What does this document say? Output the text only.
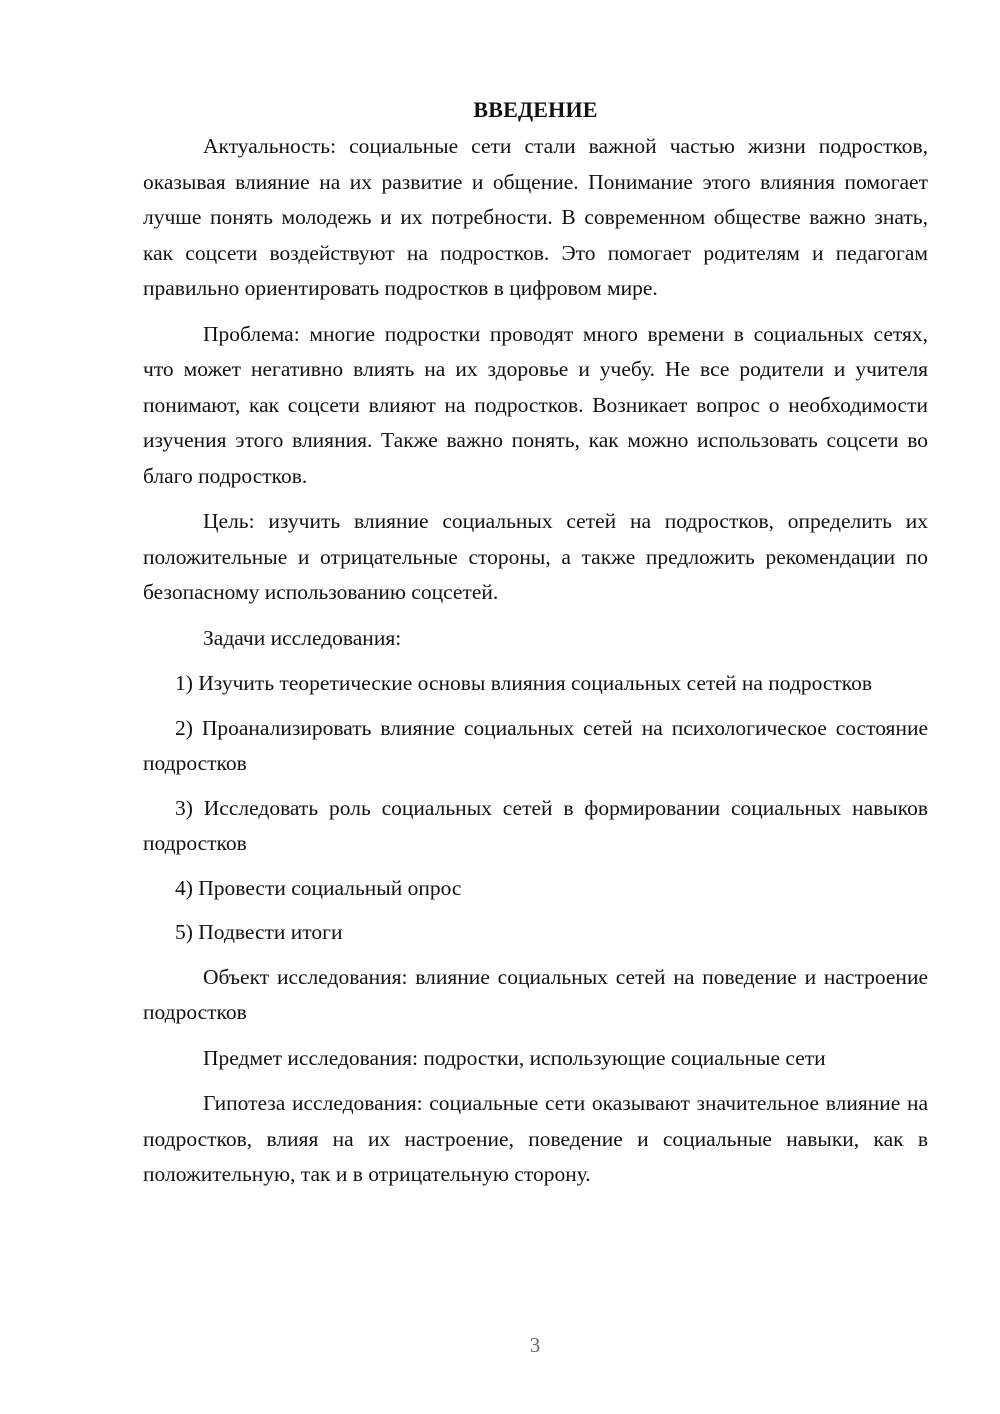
ВВЕДЕНИЕ

Актуальность: социальные сети стали важной частью жизни подростков, оказывая влияние на их развитие и общение. Понимание этого влияния помогает лучше понять молодежь и их потребности. В современном обществе важно знать, как соцсети воздействуют на подростков. Это помогает родителям и педагогам правильно ориентировать подростков в цифровом мире.

Проблема: многие подростки проводят много времени в социальных сетях, что может негативно влиять на их здоровье и учебу. Не все родители и учителя понимают, как соцсети влияют на подростков. Возникает вопрос о необходимости изучения этого влияния. Также важно понять, как можно использовать соцсети во благо подростков.

Цель: изучить влияние социальных сетей на подростков, определить их положительные и отрицательные стороны, а также предложить рекомендации по безопасному использованию соцсетей.

Задачи исследования:

1) Изучить теоретические основы влияния социальных сетей на подростков

2) Проанализировать влияние социальных сетей на психологическое состояние подростков

3) Исследовать роль социальных сетей в формировании социальных навыков подростков

4) Провести социальный опрос

5) Подвести итоги

Объект исследования: влияние социальных сетей на поведение и настроение подростков

Предмет исследования: подростки, использующие социальные сети

Гипотеза исследования: социальные сети оказывают значительное влияние на подростков, влияя на их настроение, поведение и социальные навыки, как в положительную, так и в отрицательную сторону.

3
